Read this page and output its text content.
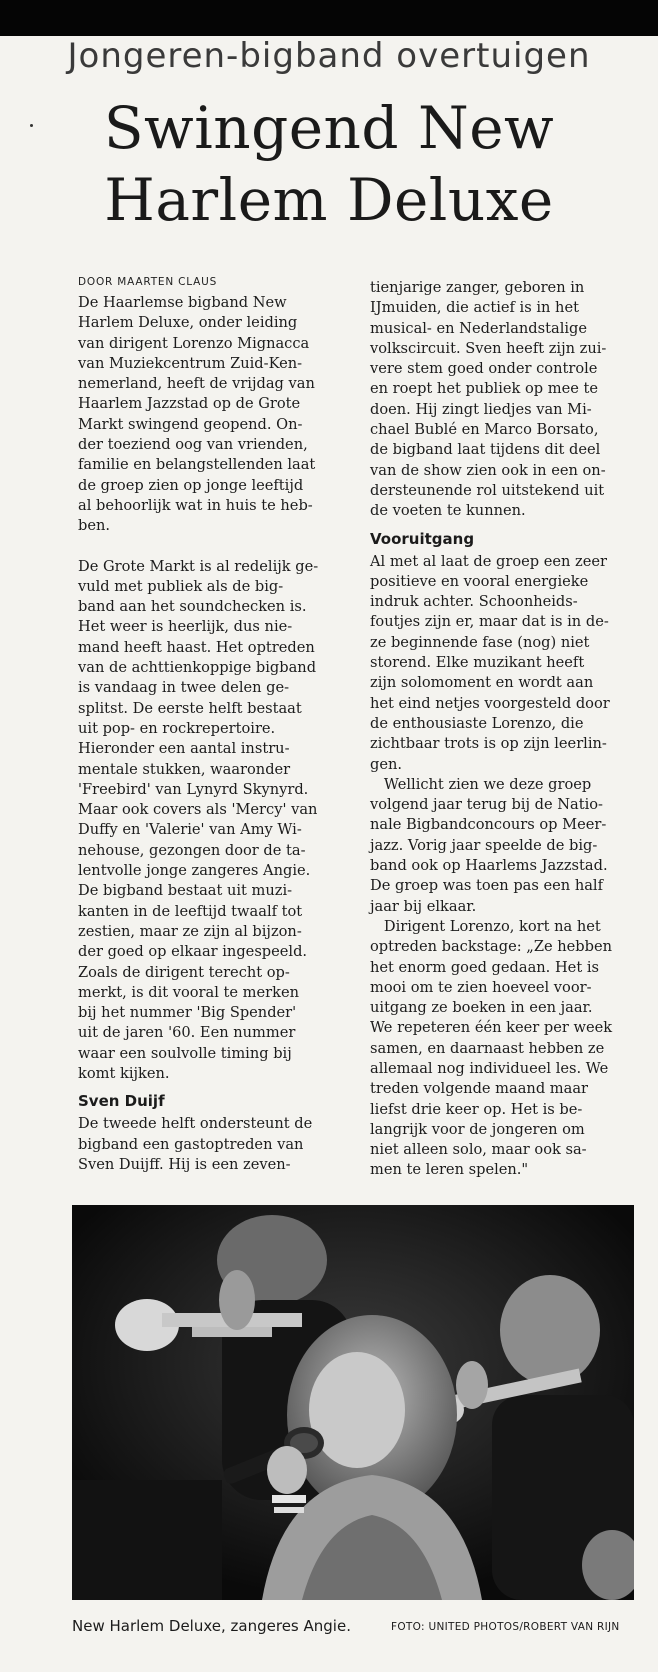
Jongeren-bigband overtuigen
Swingend New
Harlem Deluxe
DOOR MAARTEN CLAUS

De Haarlemse bigband New

Harlem Deluxe, onder leiding

van dirigent Lorenzo Mignacca

van Muziekcentrum Zuid-Ken-

nemerland, heeft de vrijdag van

Haarlem Jazzstad op de Grote

Markt swingend geopend. On-

der toeziend oog van vrienden,

familie en belangstellenden laat

de groep zien op jonge leeftijd

al behoorlijk wat in huis te heb-

ben.

De Grote Markt is al redelijk ge-

vuld met publiek als de big-

band aan het soundchecken is.

Het weer is heerlijk, dus nie-

mand heeft haast. Het optreden

van de achttienkoppige bigband

is vandaag in twee delen ge-

splitst. De eerste helft bestaat

uit pop- en rockrepertoire.

Hieronder een aantal instru-

mentale stukken, waaronder

'Freebird' van Lynyrd Skynyrd.

Maar ook covers als 'Mercy' van

Duffy en 'Valerie' van Amy Wi-

nehouse, gezongen door de ta-

lentvolle jonge zangeres Angie.

De bigband bestaat uit muzi-

kanten in de leeftijd twaalf tot

zestien, maar ze zijn al bijzon-

der goed op elkaar ingespeeld.

Zoals de dirigent terecht op-

merkt, is dit vooral te merken

bij het nummer 'Big Spender'

uit de jaren '60. Een nummer

waar een soulvolle timing bij

komt kijken.

Sven Duijf

De tweede helft ondersteunt de

bigband een gastoptreden van

Sven Duijff. Hij is een zeven-

tienjarige zanger, geboren in

IJmuiden, die actief is in het

musical- en Nederlandstalige

volkscircuit. Sven heeft zijn zui-

vere stem goed onder controle

en roept het publiek op mee te

doen. Hij zingt liedjes van Mi-

chael Bublé en Marco Borsato,

de bigband laat tijdens dit deel

van de show zien ook in een on-

dersteunende rol uitstekend uit

de voeten te kunnen.

Vooruitgang

Al met al laat de groep een zeer

positieve en vooral energieke

indruk achter. Schoonheids-

foutjes zijn er, maar dat is in de-

ze beginnende fase (nog) niet

storend. Elke muzikant heeft

zijn solomoment en wordt aan

het eind netjes voorgesteld door

de enthousiaste Lorenzo, die

zichtbaar trots is op zijn leerlin-

gen.

Wellicht zien we deze groep

volgend jaar terug bij de Natio-

nale Bigbandconcours op Meer-

jazz. Vorig jaar speelde de big-

band ook op Haarlems Jazzstad.

De groep was toen pas een half

jaar bij elkaar.

Dirigent Lorenzo, kort na het

optreden backstage: „Ze hebben

het enorm goed gedaan. Het is

mooi om te zien hoeveel voor-

uitgang ze boeken in een jaar.

We repeteren één keer per week

samen, en daarnaast hebben ze

allemaal nog individueel les. We

treden volgende maand maar

liefst drie keer op. Het is be-

langrijk voor de jongeren om

niet alleen solo, maar ook sa-

men te leren spelen."

New Harlem Deluxe, zangeres Angie.	FOTO: UNITED PHOTOS/ROBERT VAN RIJN
